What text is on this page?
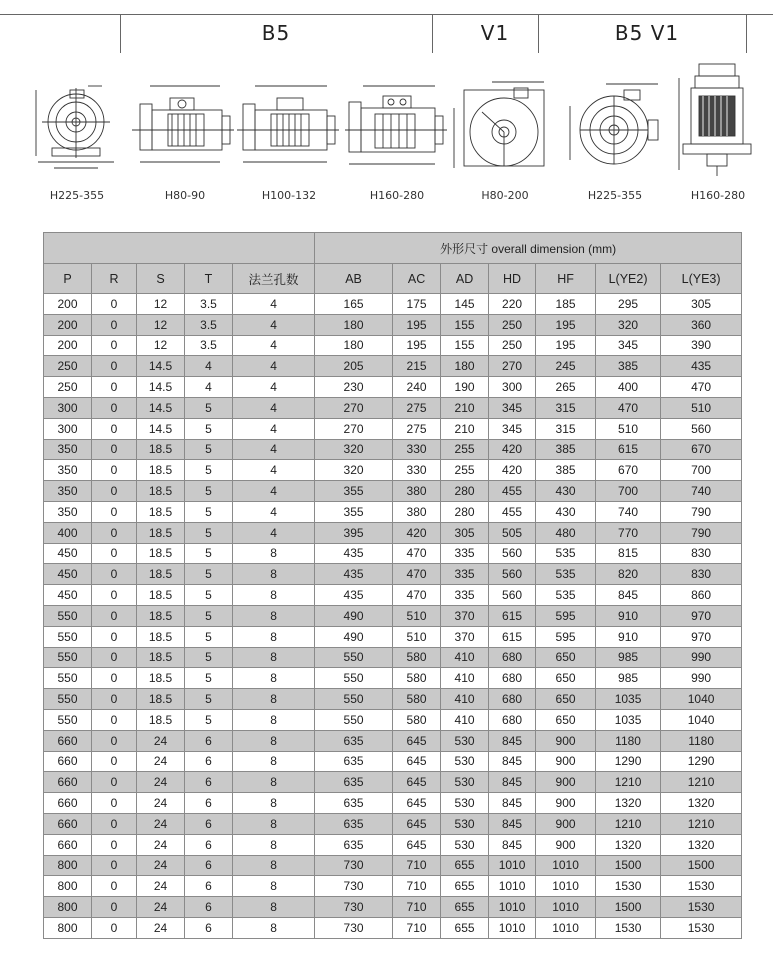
B5	V1	B5 V1
H225-355	H80-90	H100-132	H160-280	H80-200	H225-355	H160-280
					外形尺寸 overall dimension (mm)						
P	R	S	T	法兰孔数	AB	AC	AD	HD	HF	L(YE2)	L(YE3)
200	0	12	3.5	4	165	175	145	220	185	295	305
200	0	12	3.5	4	180	195	155	250	195	320	360
200	0	12	3.5	4	180	195	155	250	195	345	390
250	0	14.5	4	4	205	215	180	270	245	385	435
250	0	14.5	4	4	230	240	190	300	265	400	470
300	0	14.5	5	4	270	275	210	345	315	470	510
300	0	14.5	5	4	270	275	210	345	315	510	560
350	0	18.5	5	4	320	330	255	420	385	615	670
350	0	18.5	5	4	320	330	255	420	385	670	700
350	0	18.5	5	4	355	380	280	455	430	700	740
350	0	18.5	5	4	355	380	280	455	430	740	790
400	0	18.5	5	4	395	420	305	505	480	770	790
450	0	18.5	5	8	435	470	335	560	535	815	830
450	0	18.5	5	8	435	470	335	560	535	820	830
450	0	18.5	5	8	435	470	335	560	535	845	860
550	0	18.5	5	8	490	510	370	615	595	910	970
550	0	18.5	5	8	490	510	370	615	595	910	970
550	0	18.5	5	8	550	580	410	680	650	985	990
550	0	18.5	5	8	550	580	410	680	650	985	990
550	0	18.5	5	8	550	580	410	680	650	1035	1040
550	0	18.5	5	8	550	580	410	680	650	1035	1040
660	0	24	6	8	635	645	530	845	900	1180	1180
660	0	24	6	8	635	645	530	845	900	1290	1290
660	0	24	6	8	635	645	530	845	900	1210	1210
660	0	24	6	8	635	645	530	845	900	1320	1320
660	0	24	6	8	635	645	530	845	900	1210	1210
660	0	24	6	8	635	645	530	845	900	1320	1320
800	0	24	6	8	730	710	655	1010	1010	1500	1500
800	0	24	6	8	730	710	655	1010	1010	1530	1530
800	0	24	6	8	730	710	655	1010	1010	1500	1530
800	0	24	6	8	730	710	655	1010	1010	1530	1530
